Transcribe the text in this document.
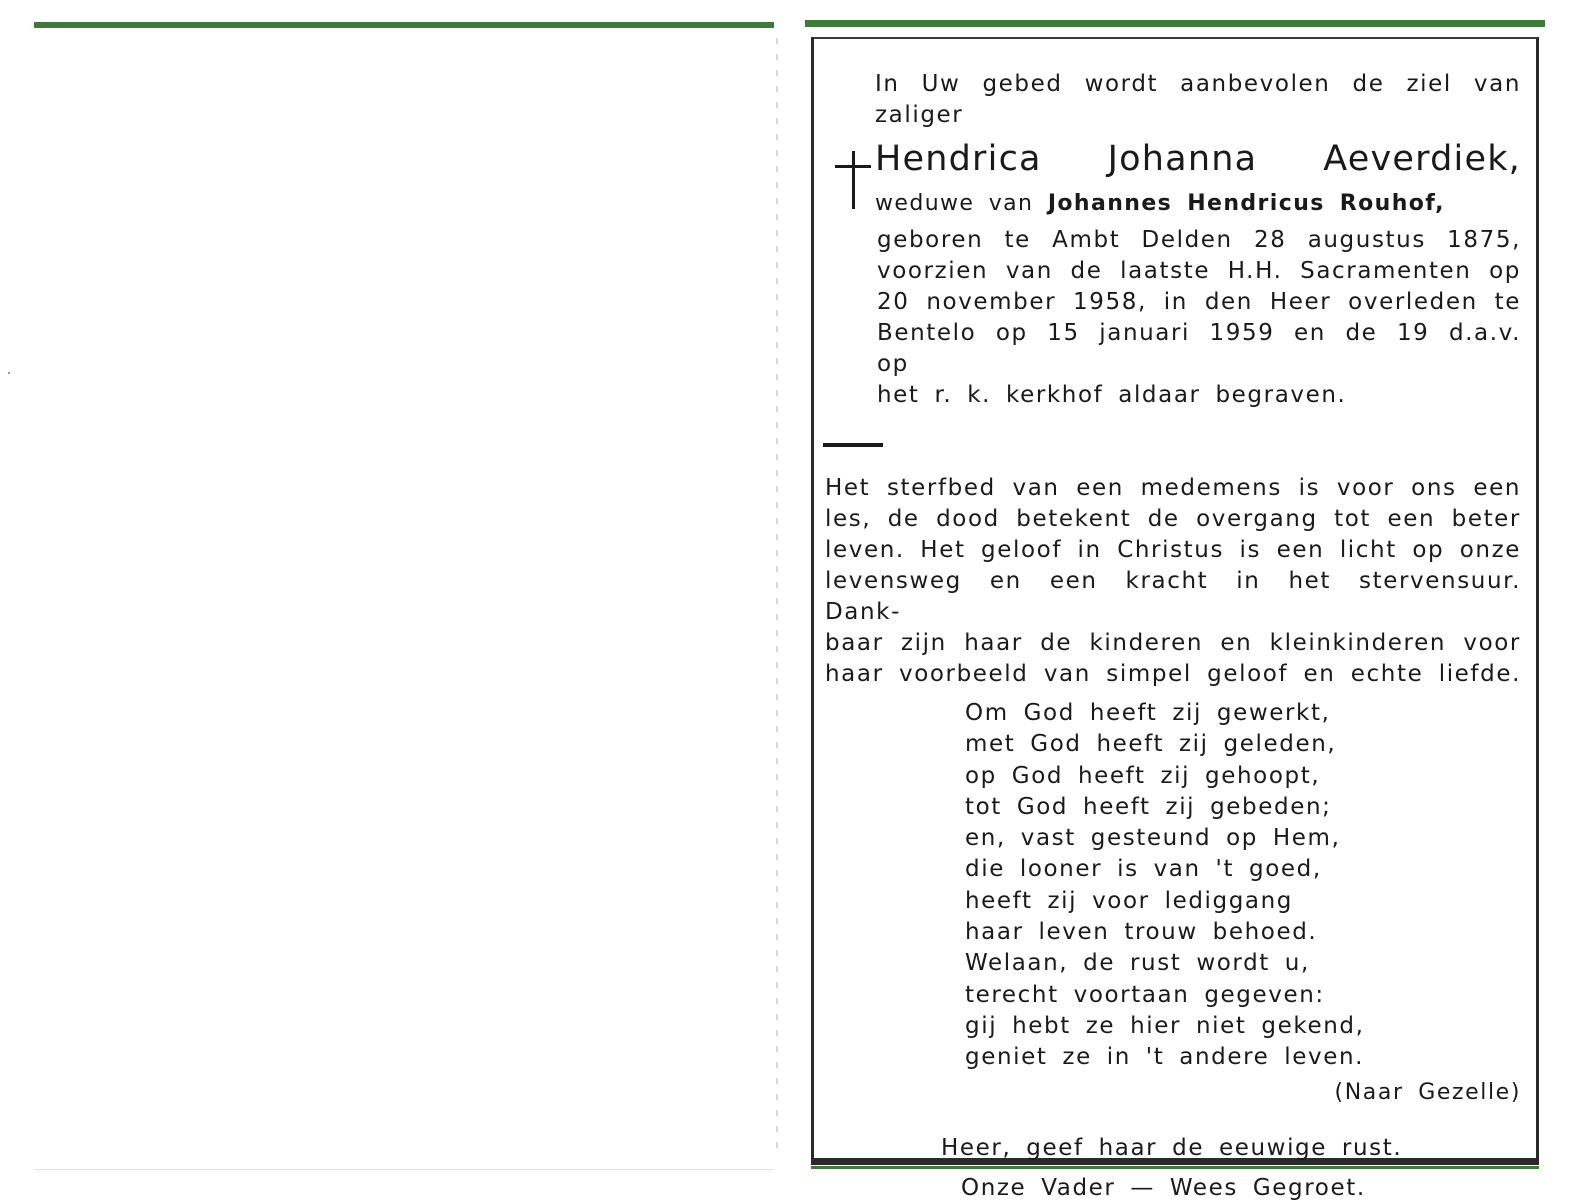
In Uw gebed wordt aanbevolen de ziel van zaliger

Hendrica Johanna Aeverdiek,
weduwe van Johannes Hendricus Rouhof,
geboren te Ambt Delden 28 augustus 1875,
voorzien van de laatste H.H. Sacramenten op
20 november 1958, in den Heer overleden te
Bentelo op 15 januari 1959 en de 19 d.a.v. op
het r. k. kerkhof aldaar begraven.
Het sterfbed van een medemens is voor ons een
les, de dood betekent de overgang tot een beter
leven. Het geloof in Christus is een licht op onze
levensweg en een kracht in het stervensuur. Dank-
baar zijn haar de kinderen en kleinkinderen voor
haar voorbeeld van simpel geloof en echte liefde.
Om God heeft zij gewerkt,
met God heeft zij geleden,
op God heeft zij gehoopt,
tot God heeft zij gebeden;
en, vast gesteund op Hem,
die looner is van 't goed,
heeft zij voor lediggang
haar leven trouw behoed.
Welaan, de rust wordt u,
terecht voortaan gegeven:
gij hebt ze hier niet gekend,
geniet ze in 't andere leven.
(Naar Gezelle)
Heer, geef haar de eeuwige rust.
Onze Vader — Wees Gegroet.
